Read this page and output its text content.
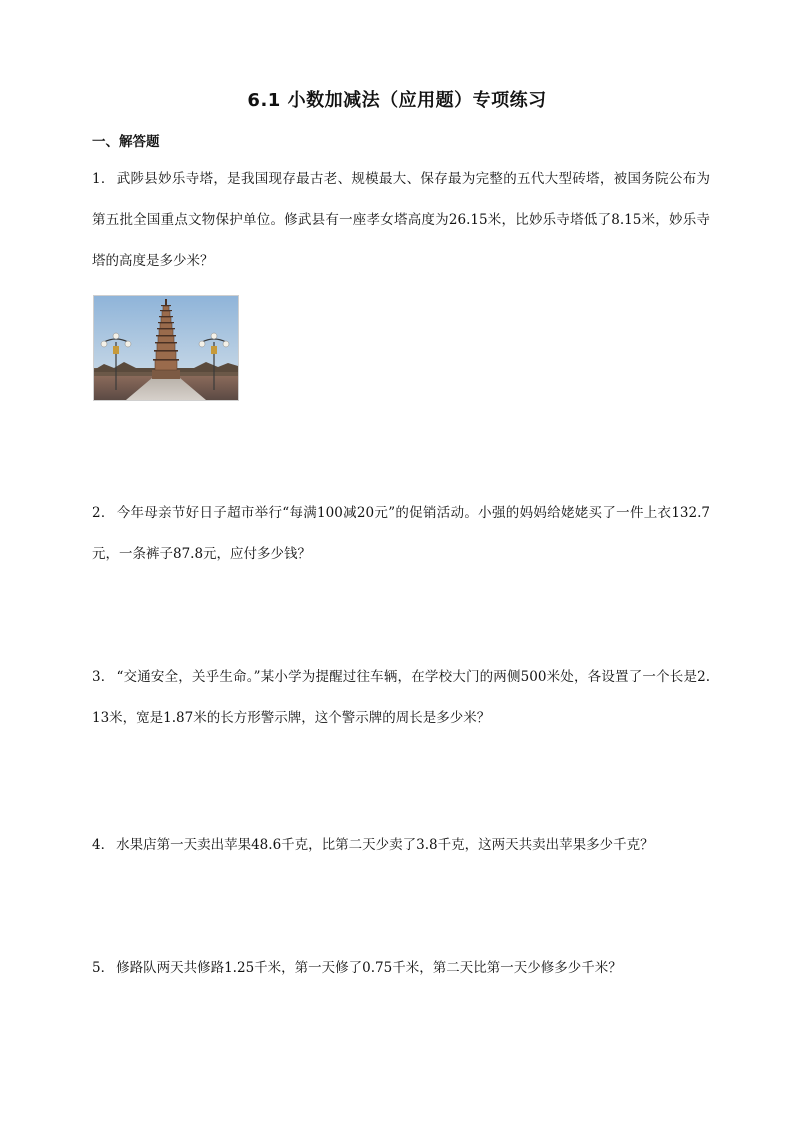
6.1 小数加减法（应用题）专项练习
一、解答题
1． 武陟县妙乐寺塔，是我国现存最古老、规模最大、保存最为完整的五代大型砖塔，被国务院公布为第五批全国重点文物保护单位。修武县有一座孝女塔高度为26.15米，比妙乐寺塔低了8.15米，妙乐寺塔的高度是多少米？
2． 今年母亲节好日子超市举行“每满100减20元”的促销活动。小强的妈妈给姥姥买了一件上衣132.7元，一条裤子87.8元，应付多少钱？
3． “交通安全，关乎生命。”某小学为提醒过往车辆，在学校大门的两侧500米处，各设置了一个长是2.13米，宽是1.87米的长方形警示牌，这个警示牌的周长是多少米？
4． 水果店第一天卖出苹果48.6千克，比第二天少卖了3.8千克，这两天共卖出苹果多少千克？
5． 修路队两天共修路1.25千米，第一天修了0.75千米，第二天比第一天少修多少千米？
